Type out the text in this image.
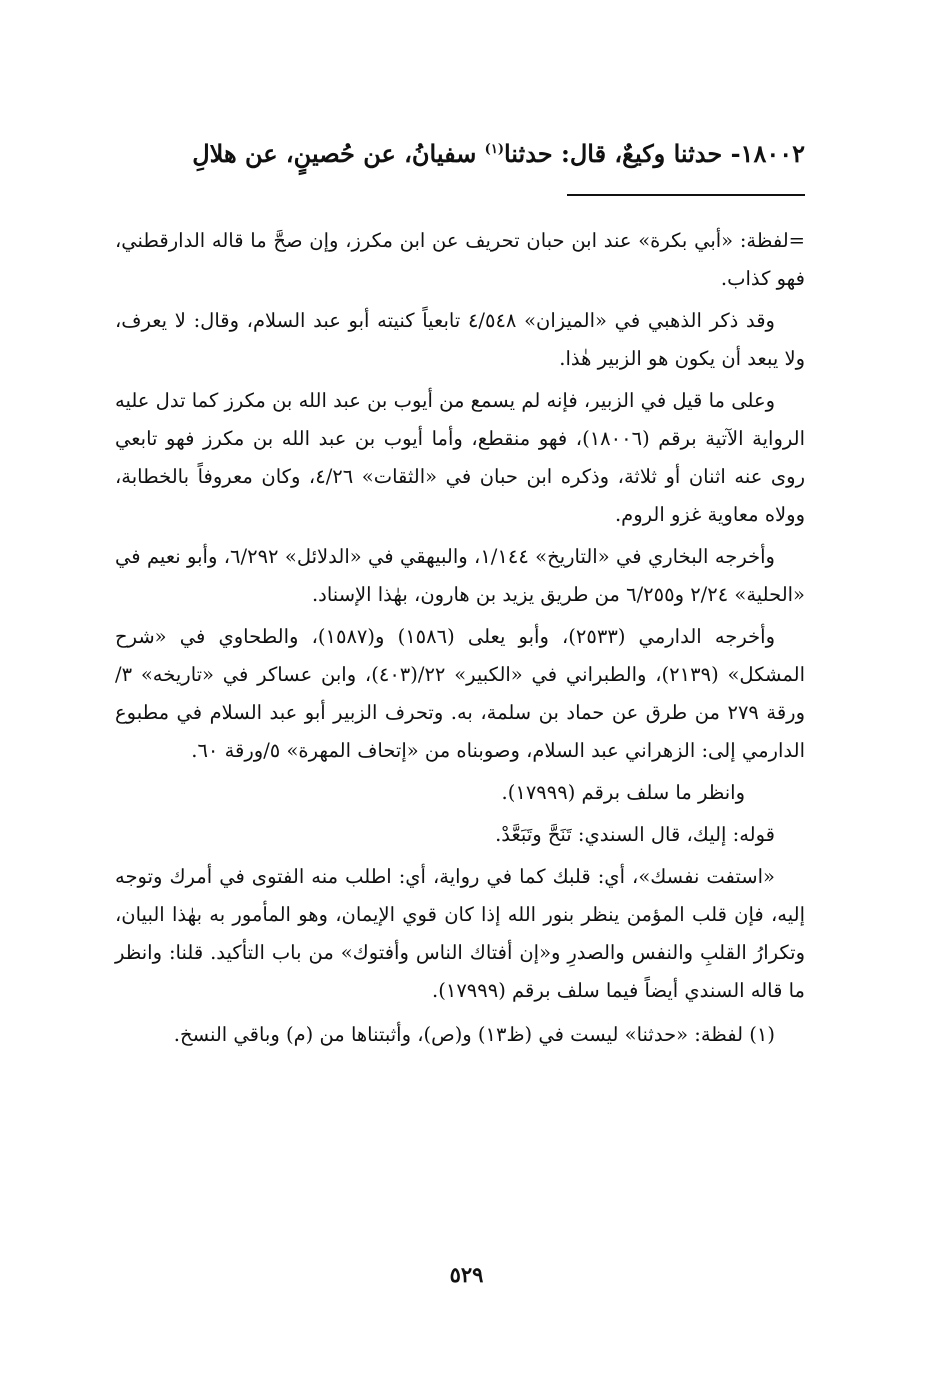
١٨٠٠٢- حدثنا وكيعٌ، قال: حدثنا$^{(١)}$ سفيانُ، عن حُصينٍ، عن هلالِ

=لفظة: «أبي بكرة» عند ابن حبان تحريف عن ابن مكرز، وإن صحَّ ما قاله الدارقطني، فهو كذاب.

وقد ذكر الذهبي في «الميزان» ٤/٥٤٨ تابعياً كنيته أبو عبد السلام، وقال: لا يعرف، ولا يبعد أن يكون هو الزبير هٰذا.

وعلى ما قيل في الزبير، فإنه لم يسمع من أيوب بن عبد الله بن مكرز كما تدل عليه الرواية الآتية برقم (١٨٠٠٦)، فهو منقطع، وأما أيوب بن عبد الله بن مكرز فهو تابعي روى عنه اثنان أو ثلاثة، وذكره ابن حبان في «الثقات» ٤/٢٦، وكان معروفاً بالخطابة، وولاه معاوية غزو الروم.

وأخرجه البخاري في «التاريخ» ١/١٤٤، والبيهقي في «الدلائل» ٦/٢٩٢، وأبو نعيم في «الحلية» ٢/٢٤ و٦/٢٥٥ من طريق يزيد بن هارون، بهٰذا الإسناد.

وأخرجه الدارمي (٢٥٣٣)، وأبو يعلى (١٥٨٦) و(١٥٨٧)، والطحاوي في «شرح المشكل» (٢١٣٩)، والطبراني في «الكبير» ٢٢/(٤٠٣)، وابن عساكر في «تاريخه» ٣/ورقة ٢٧٩ من طرق عن حماد بن سلمة، به. وتحرف الزبير أبو عبد السلام في مطبوع الدارمي إلى: الزهراني عبد السلام، وصوبناه من «إتحاف المهرة» ٥/ورقة ٦٠.

وانظر ما سلف برقم (١٧٩٩٩).

قوله: إليك، قال السندي: تَنَحَّ وتَبَعَّدْ.

«استفت نفسك»، أي: قلبك كما في رواية، أي: اطلب منه الفتوى في أمرك وتوجه إليه، فإن قلب المؤمن ينظر بنور الله إذا كان قوي الإيمان، وهو المأمور به بهٰذا البيان، وتكرارُ القلبِ والنفس والصدرِ و«إن أفتاك الناس وأفتوك» من باب التأكيد. قلنا: وانظر ما قاله السندي أيضاً فيما سلف برقم (١٧٩٩٩).

(١) لفظة: «حدثنا» ليست في (ظ١٣) و(ص)، وأثبتناها من (م) وباقي النسخ.

٥٢٩
